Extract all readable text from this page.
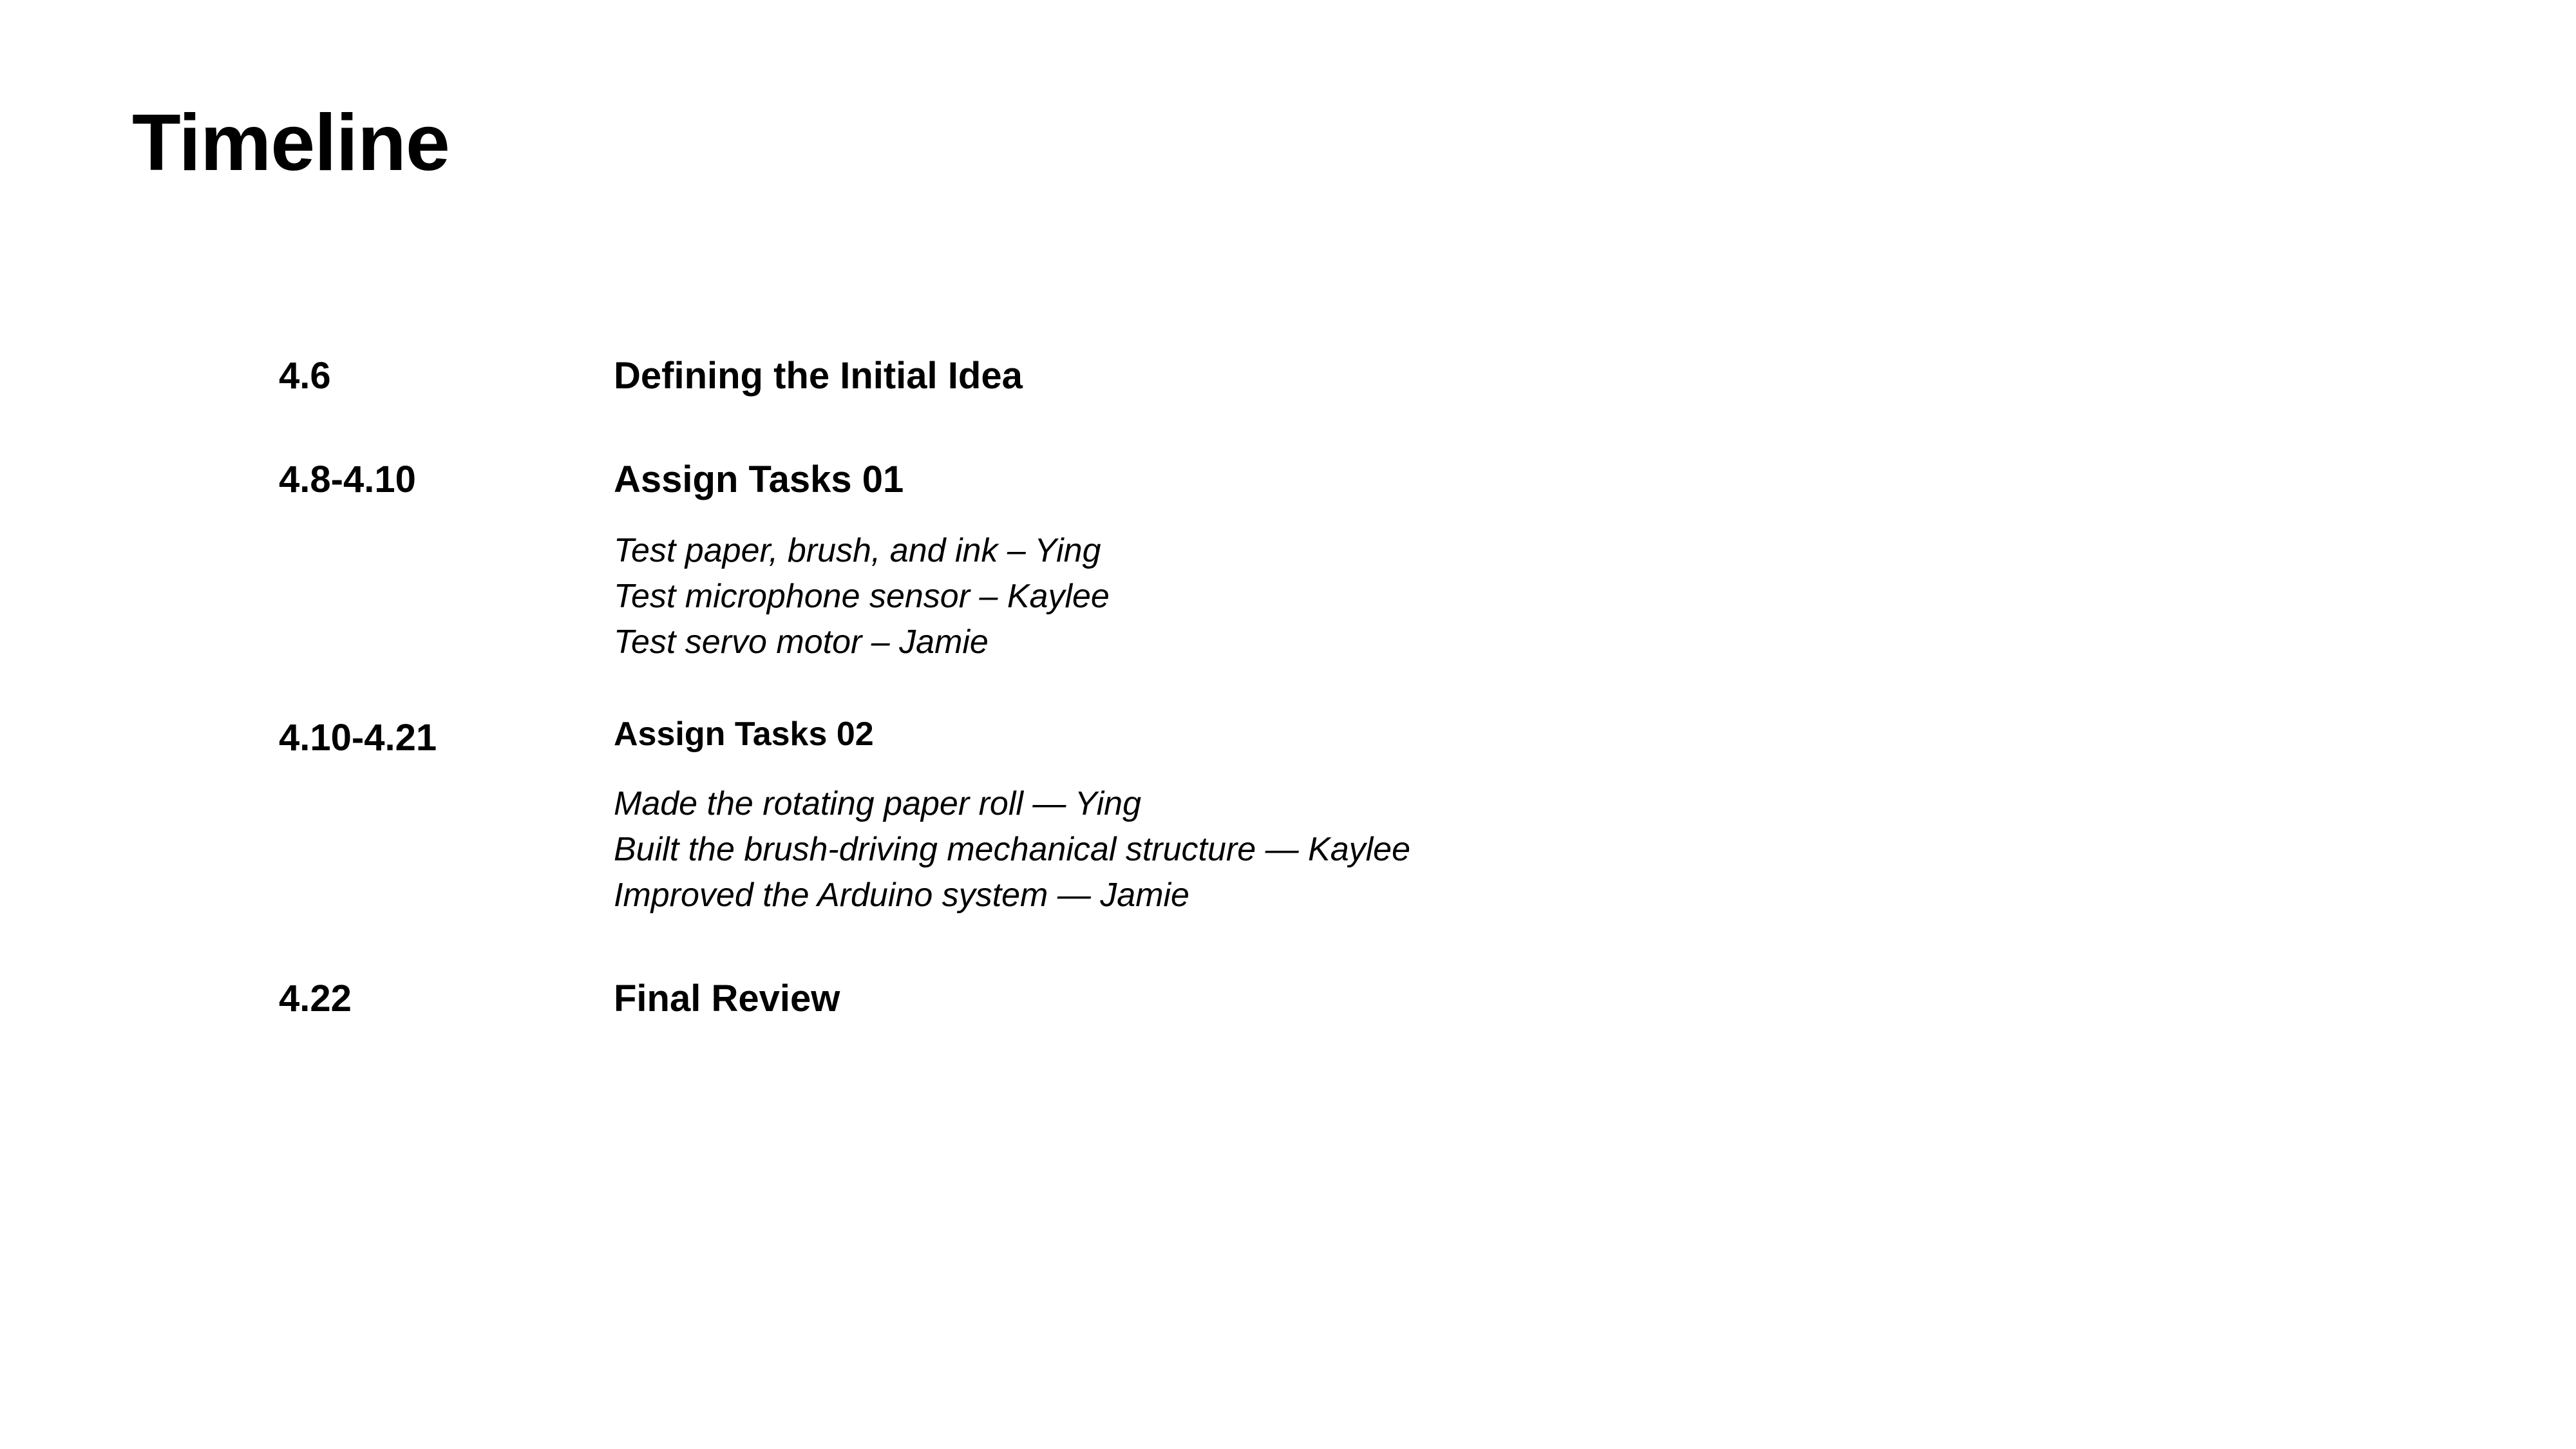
Timeline
4.6	Defining the Initial Idea
4.8-4.10	Assign Tasks 01
Test paper, brush, and ink – Ying
Test microphone sensor – Kaylee
Test servo motor – Jamie
4.10-4.21	Assign Tasks 02
Made the rotating paper roll — Ying
Built the brush-driving mechanical structure — Kaylee
Improved the Arduino system — Jamie
4.22	Final Review
